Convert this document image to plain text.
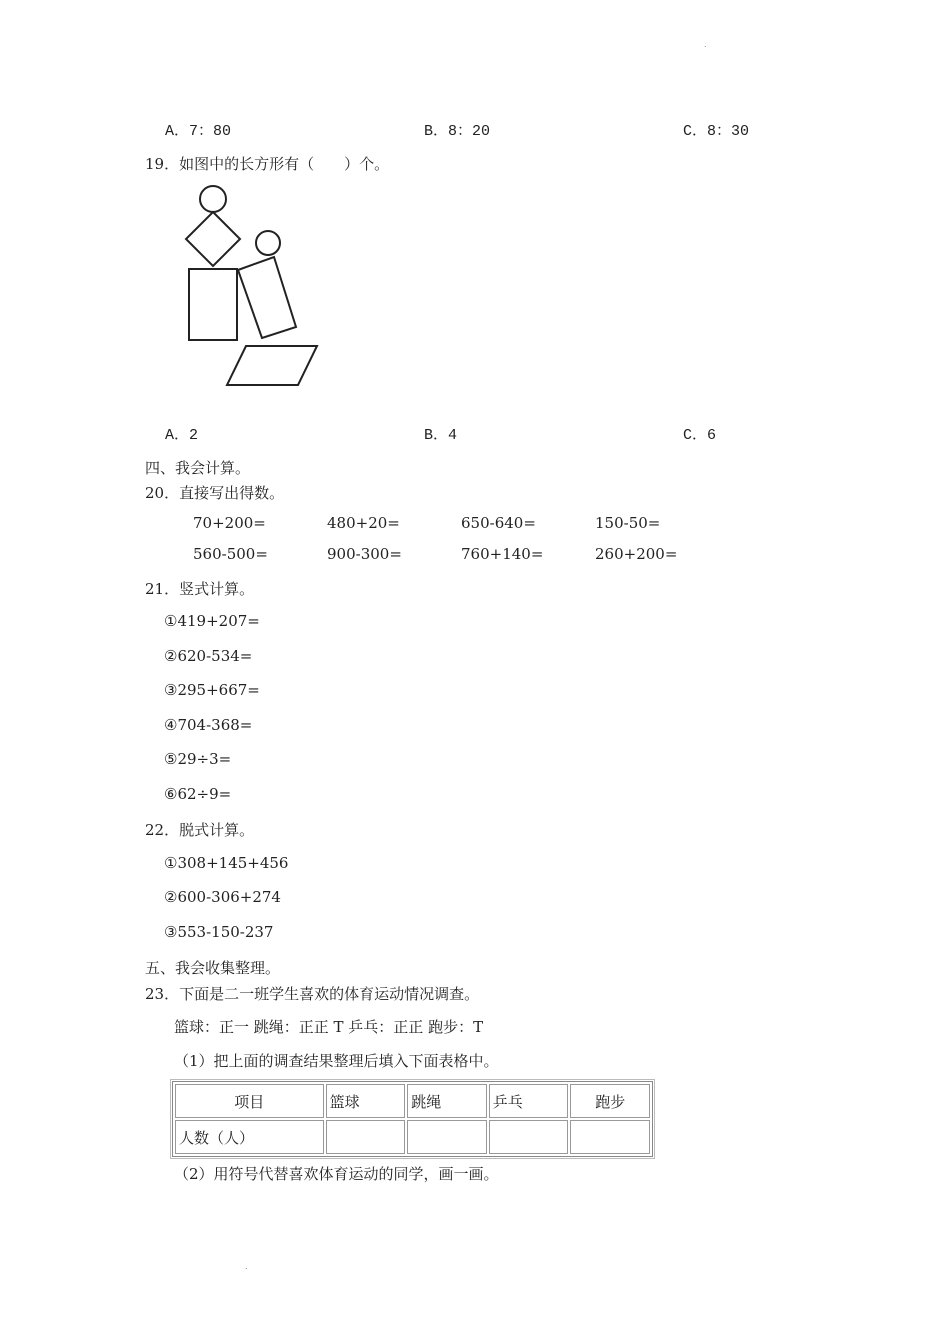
.
.
A．7：80	B．8：20	C．8：30
19．如图中的长方形有（　　）个。
A．2	B．4	C．6
四、我会计算。
20．直接写出得数。
70+200=	480+20=	650-640=	150-50=
560-500=	900-300=	760+140=	260+200=
21．竖式计算。
①419+207=
②620-534=
③295+667=
④704-368=
⑤29÷3=
⑥62÷9=
22．脱式计算。
①308+145+456
②600-306+274
③553-150-237
五、我会收集整理。
23．下面是二一班学生喜欢的体育运动情况调查。
篮球：正一 跳绳：正正 T 乒乓：正正 跑步：T
（1）把上面的调查结果整理后填入下面表格中。
项目	篮球	跳绳	乒乓	跑步
人数（人）				
（2）用符号代替喜欢体育运动的同学，画一画。
